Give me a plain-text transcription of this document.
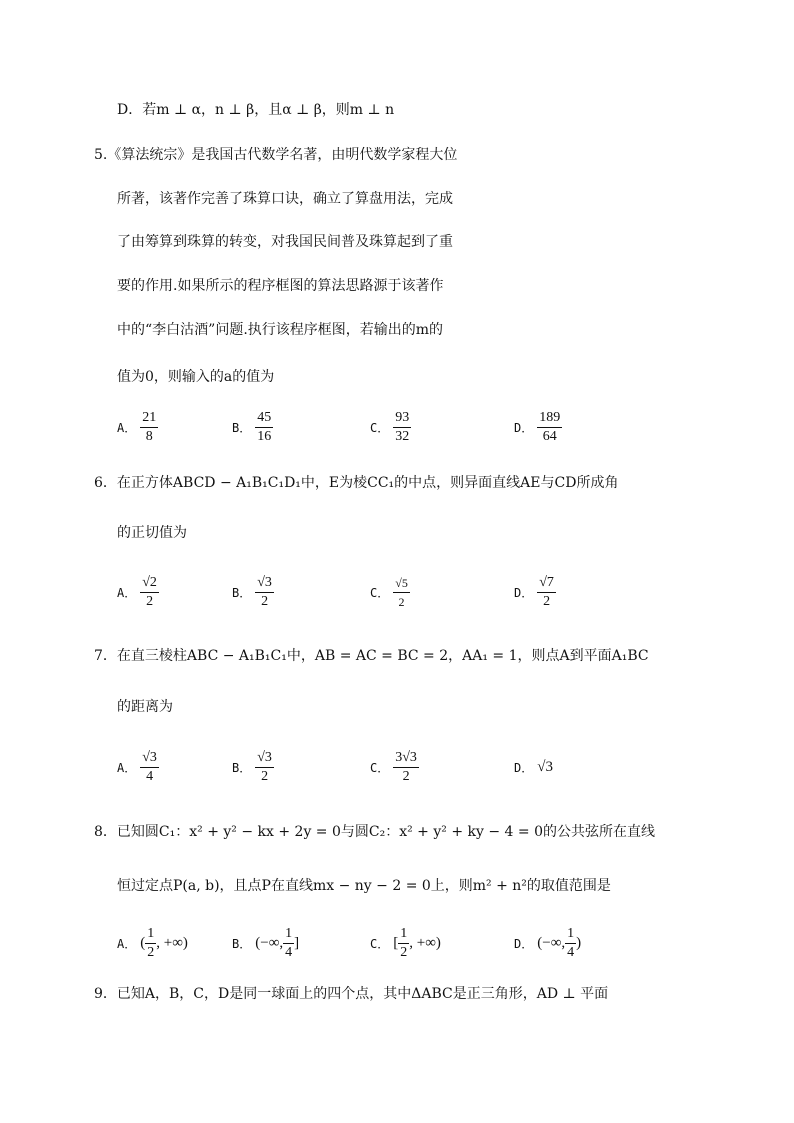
D．若m ⊥ α，n ⊥ β，且α ⊥ β，则m ⊥ n
5.《算法统宗》是我国古代数学名著，由明代数学家程大位
所著，该著作完善了珠算口诀，确立了算盘用法，完成
了由筹算到珠算的转变，对我国民间普及珠算起到了重
要的作用.如果所示的程序框图的算法思路源于该著作
中的“李白沽酒”问题.执行该程序框图，若输出的m的
值为0，则输入的a的值为
A． $\frac{21}{8}$	B． $\frac{45}{16}$	C． $\frac{93}{32}$	D． $\frac{189}{64}$
6．在正方体ABCD − A₁B₁C₁D₁中，E为棱CC₁的中点，则异面直线AE与CD所成角
的正切值为
A． $\frac{√2}{2}$	B． $\frac{√3}{2}$	C． $\frac{√5}{2}$	D． $\frac{√7}{2}$
7．在直三棱柱ABC − A₁B₁C₁中，AB = AC = BC = 2，AA₁ = 1，则点A到平面A₁BC
的距离为
A． $\frac{√3}{4}$	B． $\frac{√3}{2}$	C． $\frac{3√3}{2}$	D． √3
8．已知圆C₁：x² + y² − kx + 2y = 0与圆C₂：x² + y² + ky − 4 = 0的公共弦所在直线
恒过定点P(a, b)，且点P在直线mx − ny − 2 = 0上，则m² + n²的取值范围是
A． ( $\frac{1}{2}$ , +∞)	B． (−∞, $\frac{1}{4}$ ]	C． [ $\frac{1}{2}$ , +∞)	D． (−∞, $\frac{1}{4}$ )
9．已知A，B，C，D是同一球面上的四个点，其中ΔABC是正三角形，AD ⊥ 平面
